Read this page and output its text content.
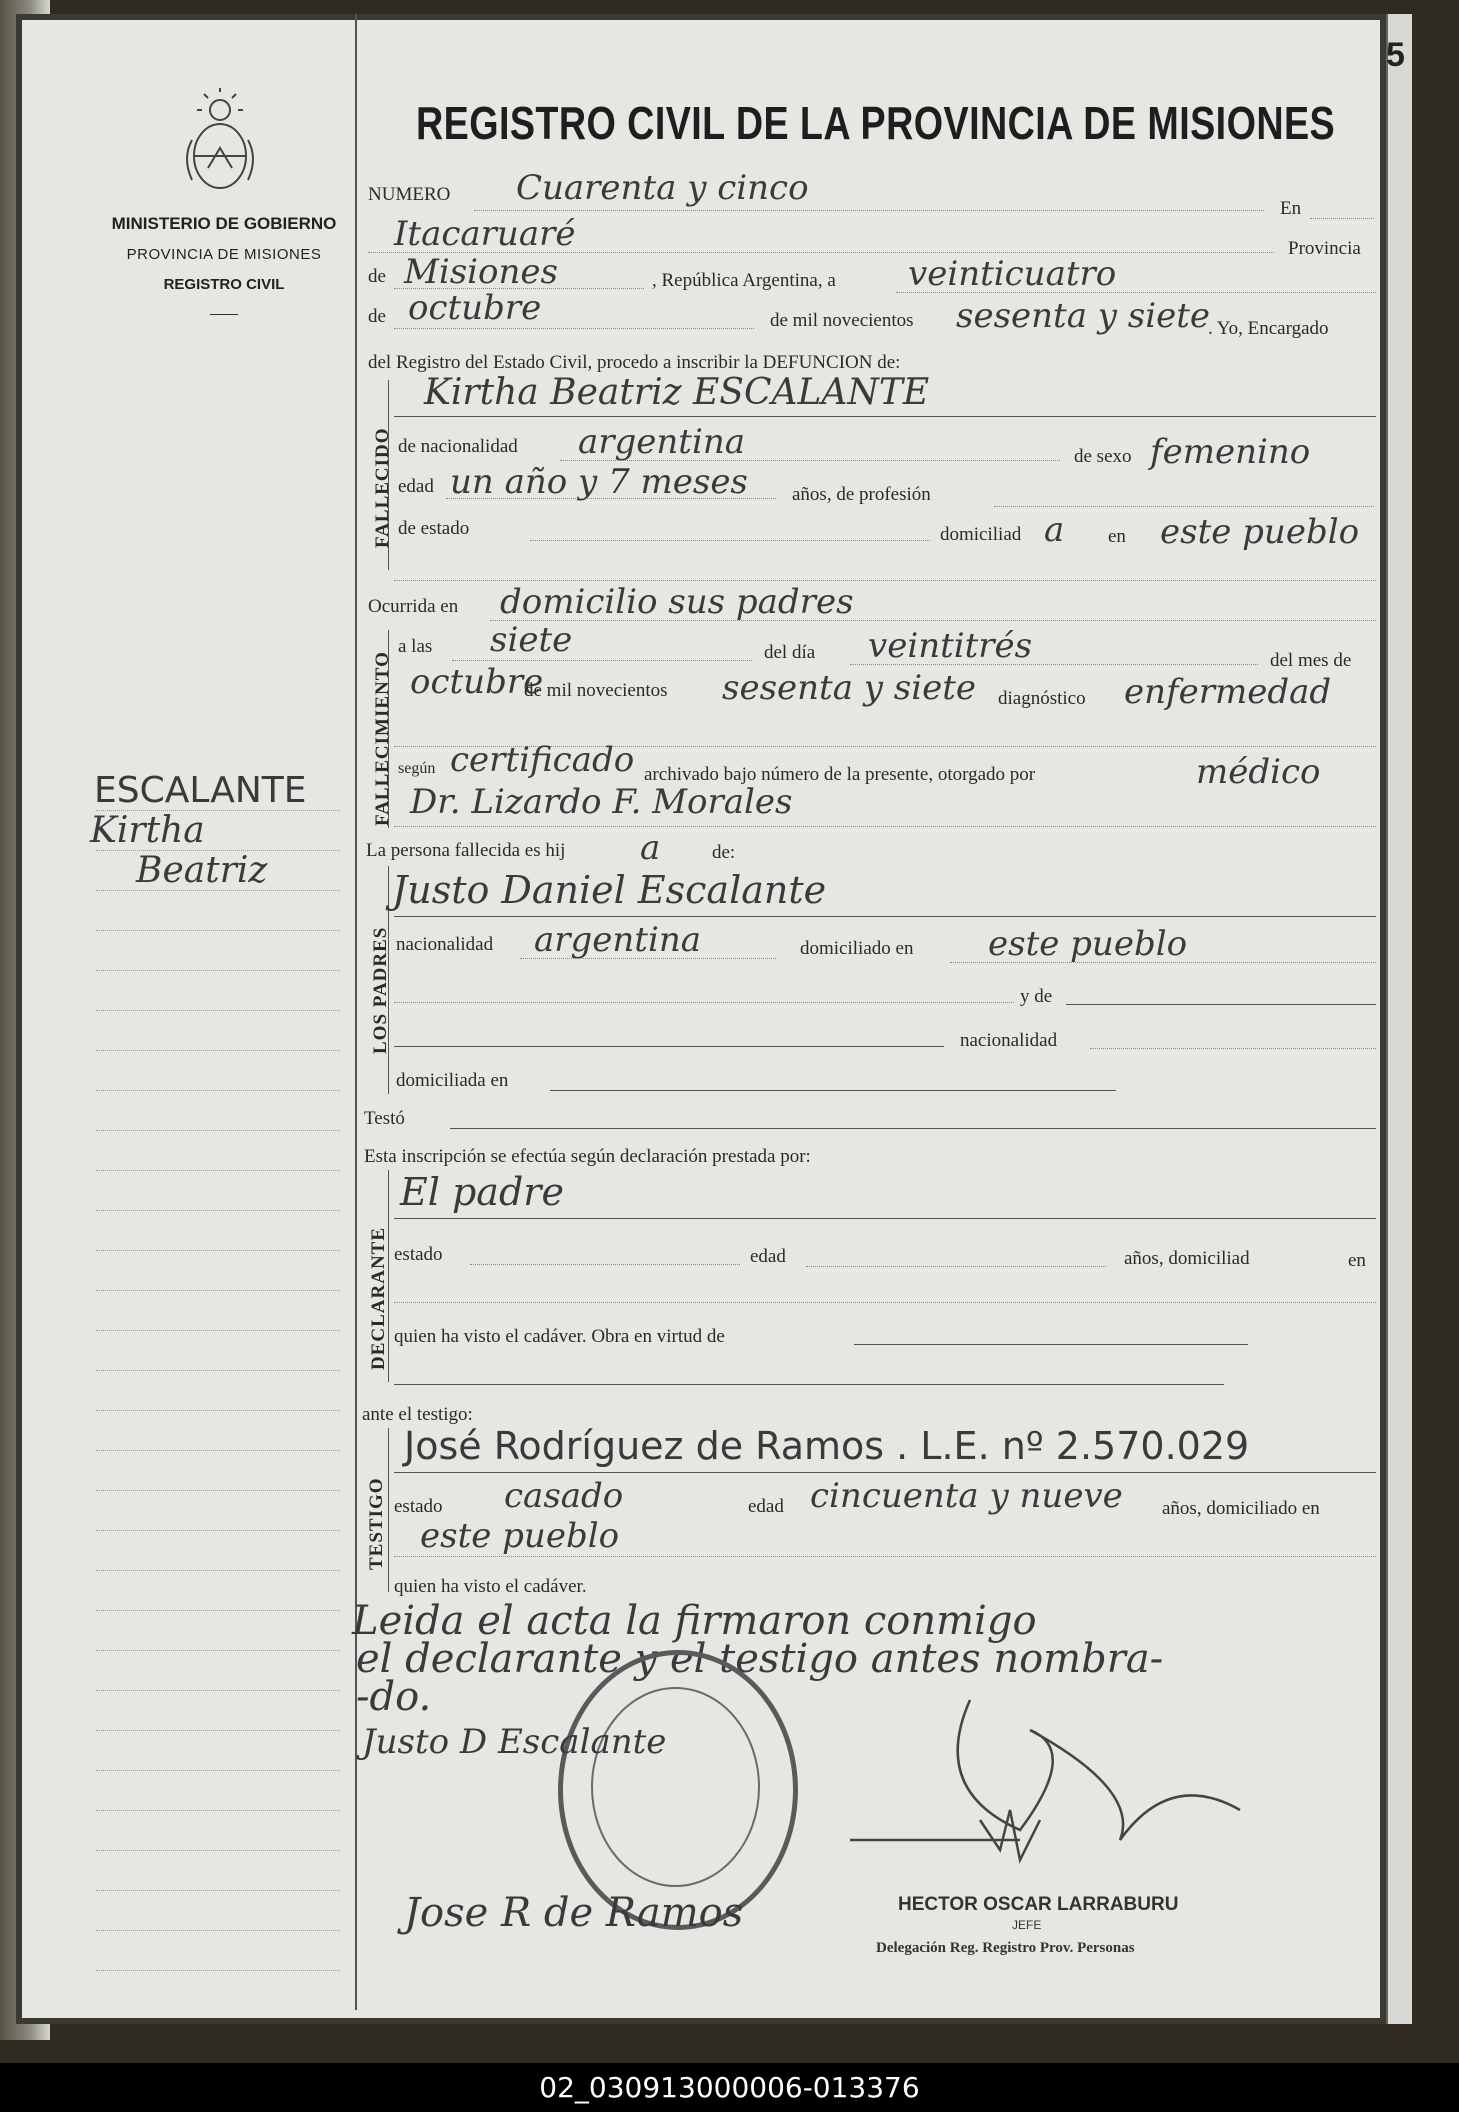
MINISTERIO DE GOBIERNO
PROVINCIA DE MISIONES
REGISTRO CIVIL
ESCALANTE
Kirtha
Beatriz
5
REGISTRO CIVIL DE LA PROVINCIA DE MISIONES
NUMERO Cuarenta y cinco
En
Itacaruaré	Provincia
de Misiones	, República Argentina, a veinticuatro
de octubre	de mil novecientos sesenta y siete
. Yo, Encargado
del Registro del Estado Civil, procedo a inscribir la DEFUNCION de:
FALLECIDO
Kirtha Beatriz ESCALANTE
de nacionalidad argentina	de sexo femenino
edad un año y 7 meses años, de profesión
de estado	domiciliad a en este pueblo
Ocurrida en domicilio sus padres
FALLECIMIENTO
a las siete	del día veintitrés	del mes de
octubre
de mil novecientos sesenta y siete diagnóstico enfermedad
según certificado archivado bajo número de la presente, otorgado por	médico
Dr. Lizardo F. Morales
La persona fallecida es hij a	de:
LOS PADRES
Justo Daniel Escalante
nacionalidad argentina	domiciliado en este pueblo
y de
nacionalidad
domiciliada en
Testó
Esta inscripción se efectúa según declaración prestada por:
DECLARANTE
El padre
estado	edad	años, domiciliad	en
quien ha visto el cadáver. Obra en virtud de
ante el testigo:
TESTIGO
José Rodríguez de Ramos . L.E. nº 2.570.029
estado casado	edad cincuenta y nueve años, domiciliado en
este pueblo
quien ha visto el cadáver.
Leida el acta la firmaron conmigo
el declarante y el testigo antes nombra-
-do.
Justo D Escalante
Jose R de Ramos	HECTOR OSCAR LARRABURU
JEFE
Delegación Reg. Registro Prov. Personas
02_030913000006-013376
